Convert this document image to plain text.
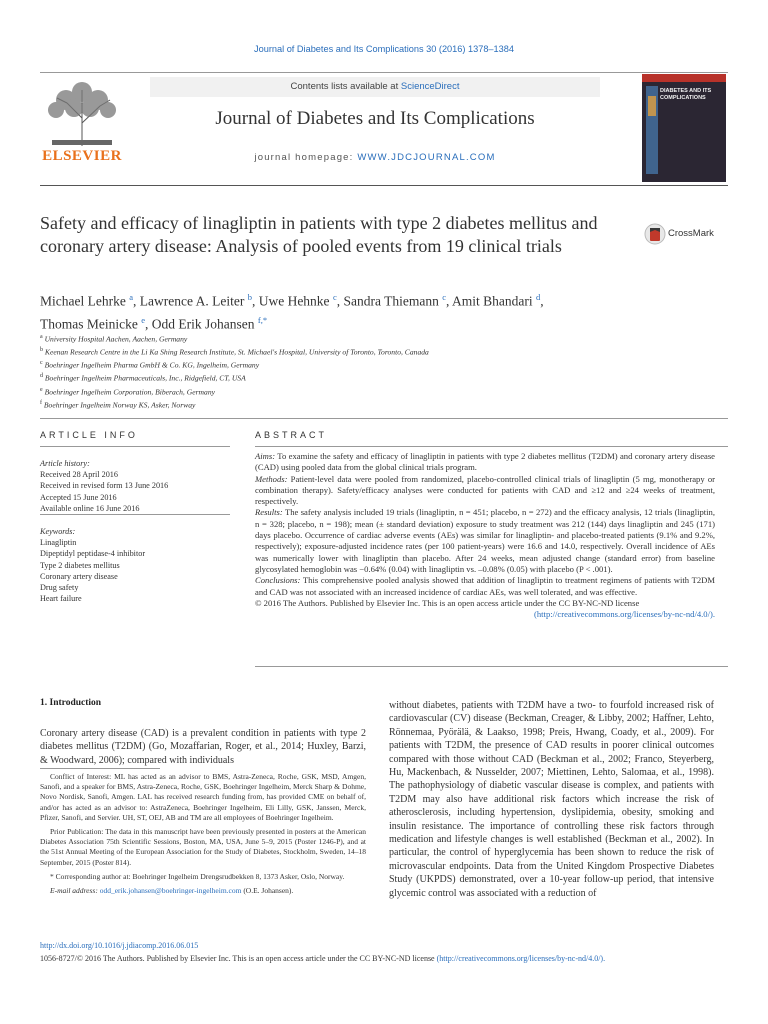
Journal of Diabetes and Its Complications 30 (2016) 1378–1384
ELSEVIER
Contents lists available at ScienceDirect
Journal of Diabetes and Its Complications
journal homepage: WWW.JDCJOURNAL.COM
DIABETES AND ITS COMPLICATIONS
Safety and efficacy of linagliptin in patients with type 2 diabetes mellitus and coronary artery disease: Analysis of pooled events from 19 clinical trials
CrossMark
Michael Lehrke $^a$, Lawrence A. Leiter $^b$, Uwe Hehnke $^c$, Sandra Thiemann $^c$, Amit Bhandari $^d$,
Thomas Meinicke $^e$, Odd Erik Johansen $^{f,*}$
$^a$ University Hospital Aachen, Aachen, Germany
$^b$ Keenan Research Centre in the Li Ka Shing Research Institute, St. Michael's Hospital, University of Toronto, Toronto, Canada
$^c$ Boehringer Ingelheim Pharma GmbH & Co. KG, Ingelheim, Germany
$^d$ Boehringer Ingelheim Pharmaceuticals, Inc., Ridgefield, CT, USA
$^e$ Boehringer Ingelheim Corporation, Biberach, Germany
$^f$ Boehringer Ingelheim Norway KS, Asker, Norway
ARTICLE INFO	ABSTRACT
Article history:
Received 28 April 2016
Received in revised form 13 June 2016
Accepted 15 June 2016
Available online 16 June 2016
Keywords:
Linagliptin
Dipeptidyl peptidase-4 inhibitor
Type 2 diabetes mellitus
Coronary artery disease
Drug safety
Heart failure
Aims: To examine the safety and efficacy of linagliptin in patients with type 2 diabetes mellitus (T2DM) and coronary artery disease (CAD) using pooled data from the global clinical trials program.
Methods: Patient-level data were pooled from randomized, placebo-controlled clinical trials of linagliptin (5 mg, monotherapy or combination therapy). Safety/efficacy analyses were conducted for patients with CAD and ≥12 and ≥24 weeks of treatment, respectively.
Results: The safety analysis included 19 trials (linagliptin, n = 451; placebo, n = 272) and the efficacy analysis, 12 trials (linagliptin, n = 328; placebo, n = 198); mean (± standard deviation) exposure to study treatment was 212 (144) days linagliptin and 245 (171) days placebo. Occurrence of cardiac adverse events (AEs) was similar for linagliptin- and placebo-treated patients (9.1% and 9.2%, respectively); exposure-adjusted incidence rates (per 100 patient-years) were 16.6 and 14.0, respectively. Overall incidence of AEs was numerically lower with linagliptin than placebo. After 24 weeks, mean adjusted change (standard error) from baseline glycosylated hemoglobin was −0.64% (0.04) with linagliptin vs. –0.08% (0.05) with placebo (P < .001).
Conclusions: This comprehensive pooled analysis showed that addition of linagliptin to treatment regimens of patients with T2DM and CAD was not associated with an increased incidence of cardiac AEs, was well tolerated, and was effective.
© 2016 The Authors. Published by Elsevier Inc. This is an open access article under the CC BY-NC-ND license
(http://creativecommons.org/licenses/by-nc-nd/4.0/).
1. Introduction
Coronary artery disease (CAD) is a prevalent condition in patients with type 2 diabetes mellitus (T2DM) (Go, Mozaffarian, Roger, et al., 2014; Huxley, Barzi, & Woodward, 2006); compared with individuals

Conflict of Interest: ML has acted as an advisor to BMS, Astra-Zeneca, Roche, GSK, MSD, Amgen, Sanofi, and a speaker for BMS, Astra-Zeneca, Roche, GSK, Boehringer Ingelheim, Merck Sharp & Dohme, Novo Nordisk, Sanofi, Amgen. LAL has received research funding from, has provided CME on behalf of, and/or has acted as an advisor to: AstraZeneca, Boehringer Ingelheim, Eli Lilly, GSK, Janssen, Merck, Pfizer, Sanofi, and Servier. UH, ST, OEJ, AB and TM are all employees of Boehringer Ingelheim.

Prior Publication: The data in this manuscript have been previously presented in posters at the American Diabetes Association 75th Scientific Sessions, Boston, MA, USA, June 5–9, 2015 (Poster 1246-P), and at the 51st Annual Meeting of the European Association for the Study of Diabetes, Stockholm, Sweden, 14–18 September, 2015 (Poster 814).

* Corresponding author at: Boehringer Ingelheim Drengsrudbekken 8, 1373 Asker, Oslo, Norway.

E-mail address: odd_erik.johansen@boehringer-ingelheim.com (O.E. Johansen).

without diabetes, patients with T2DM have a two- to fourfold increased risk of cardiovascular (CV) disease (Beckman, Creager, & Libby, 2002; Haffner, Lehto, Rönnemaa, Pyörälä, & Laakso, 1998; Preis, Hwang, Coady, et al., 2009). For patients with T2DM, the presence of CAD results in poorer clinical outcomes compared with those without CAD (Beckman et al., 2002; Franco, Steyerberg, Hu, Mackenbach, & Nusselder, 2007; Miettinen, Lehto, Salomaa, et al., 1998). The pathophysiology of diabetic vascular disease is complex, and patients with T2DM may also have additional risk factors which increase the risk of atherosclerosis, including hypertension, dyslipidemia, obesity, smoking and insulin resistance. The importance of controlling these risk factors through medication and lifestyle changes is well established (Beckman et al., 2002). In particular, the control of hyperglycemia has been shown to reduce the risk of microvascular endpoints. Data from the United Kingdom Prospective Diabetes Study (UKPDS) demonstrated, over a 10-year follow-up period, that intensive glycemic control was associated with a reduction of
http://dx.doi.org/10.1016/j.jdiacomp.2016.06.015
1056-8727/© 2016 The Authors. Published by Elsevier Inc. This is an open access article under the CC BY-NC-ND license (http://creativecommons.org/licenses/by-nc-nd/4.0/).
